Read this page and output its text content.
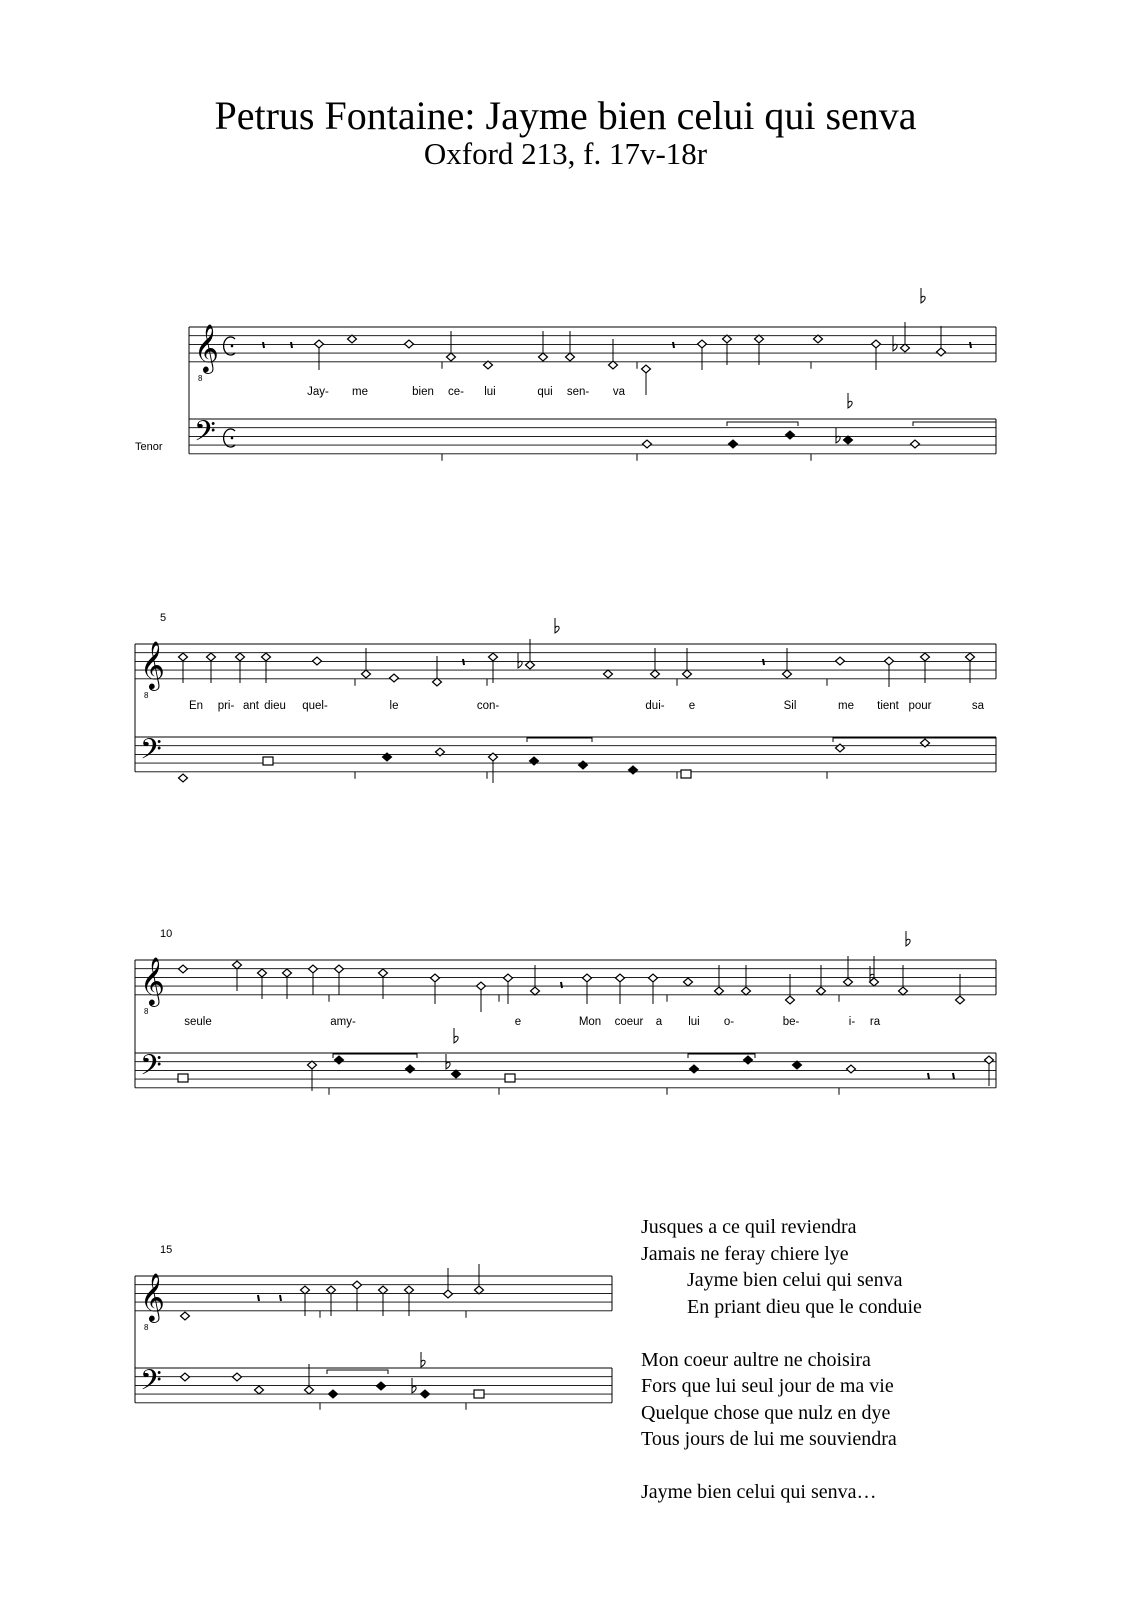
Petrus Fontaine: Jayme bien celui qui senva
Oxford 213, f. 17v-18r
𝄞
8
𝄢
𝄞
8
𝄢
𝄞
8
𝄢
𝄞
8
𝄢
Tenor
5
10
15
Jay- me	bien ce- lui	qui sen- va
En pri- ant dieu quel-	le	con-	dui- e	Sil	me tient pour	sa
seule	amy-	e	Mon coeur a lui o-	be-	i- ra
Jusques a ce quil reviendra
Jamais ne feray chiere lye
Jayme bien celui qui senva
En priant dieu que le conduie
Mon coeur aultre ne choisira
Fors que lui seul jour de ma vie
Quelque chose que nulz en dye
Tous jours de lui me souviendra
Jayme bien celui qui senva…
